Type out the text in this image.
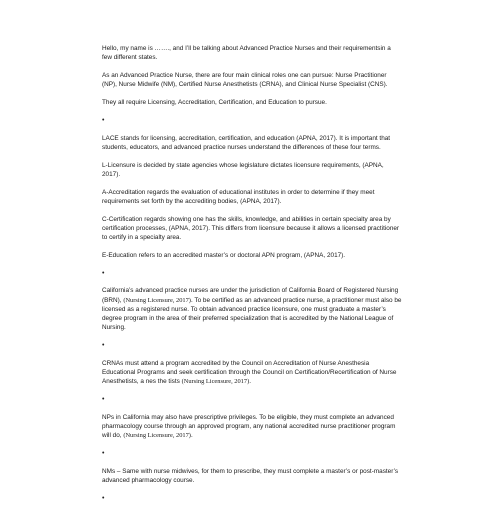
Hello, my name is ……., and I’ll be talking about Advanced Practice Nurses and their requirementsin a few different states.

As an Advanced Practice Nurse, there are four main clinical roles one can pursue: Nurse Practitioner (NP), Nurse Midwife (NM), Certified Nurse Anesthetists (CRNA), and Clinical Nurse Specialist (CNS).

They all require Licensing, Accreditation, Certification, and Education to pursue.

•

LACE stands for licensing, accreditation, certification, and education (APNA, 2017). It is important that students, educators, and advanced practice nurses understand the differences of these four terms.

L-Licensure is decided by state agencies whose legislature dictates licensure requirements, (APNA, 2017).

A-Accreditation regards the evaluation of educational institutes in order to determine if they meet requirements set forth by the accrediting bodies, (APNA, 2017).

C-Certification regards showing one has the skills, knowledge, and abilities in certain specialty area by certification processes, (APNA, 2017). This differs from licensure because it allows a licensed practitioner to certify in a specialty area.

E-Education refers to an accredited master’s or doctoral APN program, (APNA, 2017).

•

California’s advanced practice nurses are under the jurisdiction of California Board of Registered Nursing (BRN), (Nursing Licensure, 2017). To be certified as an advanced practice nurse, a practitioner must also be licensed as a registered nurse. To obtain advanced practice licensure, one must graduate a master’s degree program in the area of their preferred specialization that is accredited by the National League of Nursing.

•

CRNAs must attend a program accredited by the Council on Accreditation of Nurse Anesthesia Educational Programs and seek certification through the Council on Certification/Recertification of Nurse Anesthetists, a nes the tists (Nursing Licensure, 2017).

•

NPs in California may also have prescriptive privileges. To be eligible, they must complete an advanced pharmacology course through an approved program, any national accredited nurse practitioner program will do, (Nursing Licensure, 2017).

•

NMs – Same with nurse midwives, for them to prescribe, they must complete a master’s or post-master’s advanced pharmacology course.

•
